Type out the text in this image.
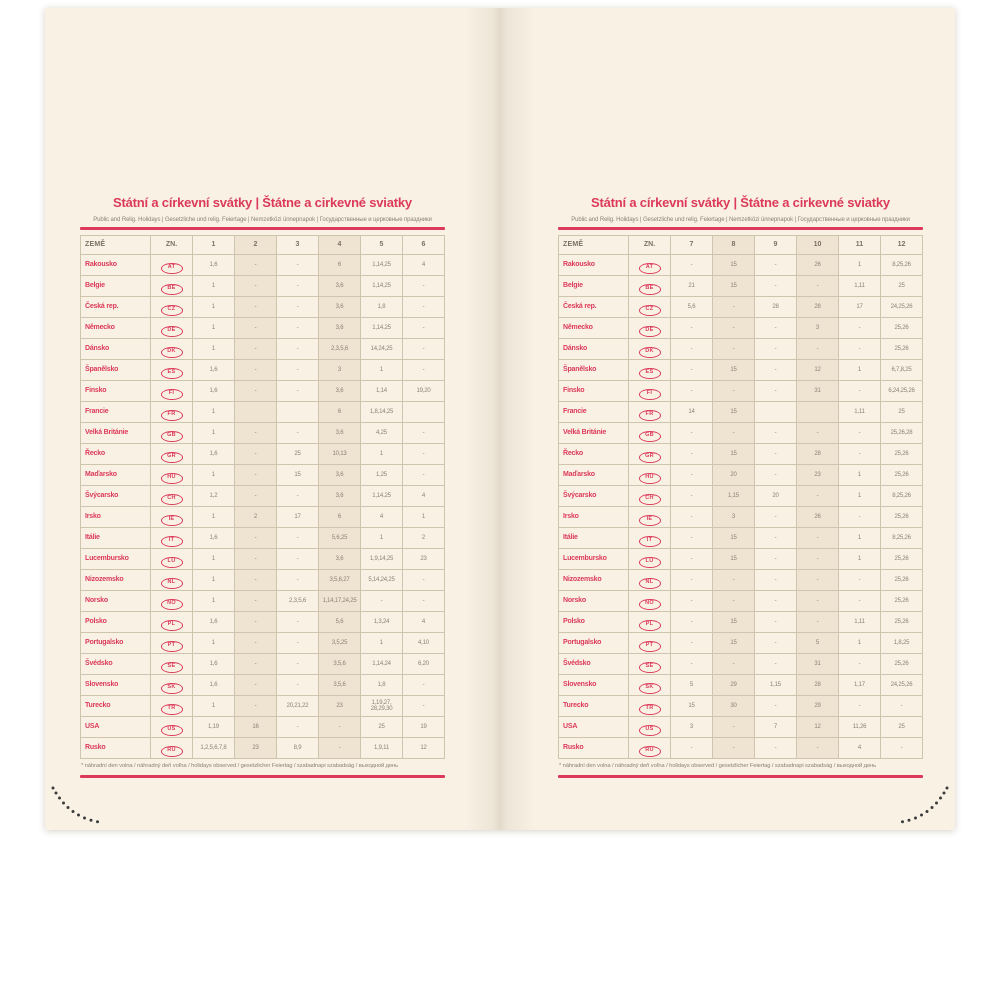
Státní a církevní svátky | Štátne a cirkevné sviatky
Public and Relig. Holidays | Gesetzliche und relig. Feiertage | Nemzetközi ünnepnapok | Государственные и церковные праздники
ZEMĚ	ZN.	1	2	3	4	5	6
Rakousko	AT	1,6	-	-	6	1,14,25	4
Belgie	BE	1	-	-	3,6	1,14,25	-
Česká rep.	CZ	1	-	-	3,6	1,8	-
Německo	DE	1	-	-	3,6	1,14,25	-
Dánsko	DK	1	-	-	2,3,5,6	14,24,25	-
Španělsko	ES	1,6	-	-	3	1	-
Finsko	FI	1,6	-	-	3,6	1,14	19,20
Francie	FR	1			6	1,8,14,25	
Velká Británie	GB	1	-	-	3,6	4,25	-
Řecko	GR	1,6	-	25	10,13	1	-
Maďarsko	HU	1	-	15	3,6	1,25	-
Švýcarsko	CH	1,2	-	-	3,6	1,14,25	4
Irsko	IE	1	2	17	6	4	1
Itálie	IT	1,6	-	-	5,6,25	1	2
Lucembursko	LU	1	-	-	3,6	1,9,14,25	23
Nizozemsko	NL	1	-	-	3,5,6,27	5,14,24,25	-
Norsko	NO	1	-	2,3,5,6	1,14,17,24,25	-	-
Polsko	PL	1,6	-	-	5,6	1,3,24	4
Portugalsko	PT	1	-	-	3,5,25	1	4,10
Švédsko	SE	1,6	-	-	3,5,6	1,14,24	6,20
Slovensko	SK	1,6	-	-	3,5,6	1,8	-
Turecko	TR	1	-	20,21,22	23	1,19,27, 28,29,30	-
USA	US	1,19	16	-	-	25	19
Rusko	RU	1,2,5,6,7,8	23	8,9	-	1,9,11	12
* náhradní den volna / náhradný deň voľna / holidays observed / gesetzlicher Feiertag / szabadnapi szabadság / выходной день
Státní a církevní svátky | Štátne a cirkevné sviatky
Public and Relig. Holidays | Gesetzliche und relig. Feiertage | Nemzetközi ünnepnapok | Государственные и церковные праздники
ZEMĚ	ZN.	7	8	9	10	11	12
Rakousko	AT	-	15	-	26	1	8,25,26
Belgie	BE	21	15	-	-	1,11	25
Česká rep.	CZ	5,6	-	28	28	17	24,25,26
Německo	DE	-	-	-	3	-	25,26
Dánsko	DK	-	-	-	-	-	25,26
Španělsko	ES	-	15	-	12	1	6,7,8,25
Finsko	FI	-	-	-	31	-	6,24,25,26
Francie	FR	14	15			1,11	25
Velká Británie	GB	-	-	-	-	-	25,26,28
Řecko	GR	-	15	-	28	-	25,26
Maďarsko	HU	-	20	-	23	1	25,26
Švýcarsko	CH	-	1,15	20	-	1	8,25,26
Irsko	IE	-	3	-	26	-	25,26
Itálie	IT	-	15	-	-	1	8,25,26
Lucembursko	LU	-	15	-	-	1	25,26
Nizozemsko	NL	-	-	-	-	-	25,26
Norsko	NO	-	-	-	-	-	25,26
Polsko	PL	-	15	-	-	1,11	25,26
Portugalsko	PT	-	15	-	5	1	1,8,25
Švédsko	SE	-	-	-	31	-	25,26
Slovensko	SK	5	29	1,15	28	1,17	24,25,26
Turecko	TR	15	30	-	29	-	-
USA	US	3	-	7	12	11,26	25
Rusko	RU	-	-	-	-	4	-
* náhradní den volna / náhradný deň voľna / holidays observed / gesetzlicher Feiertag / szabadnapi szabadság / выходной день
